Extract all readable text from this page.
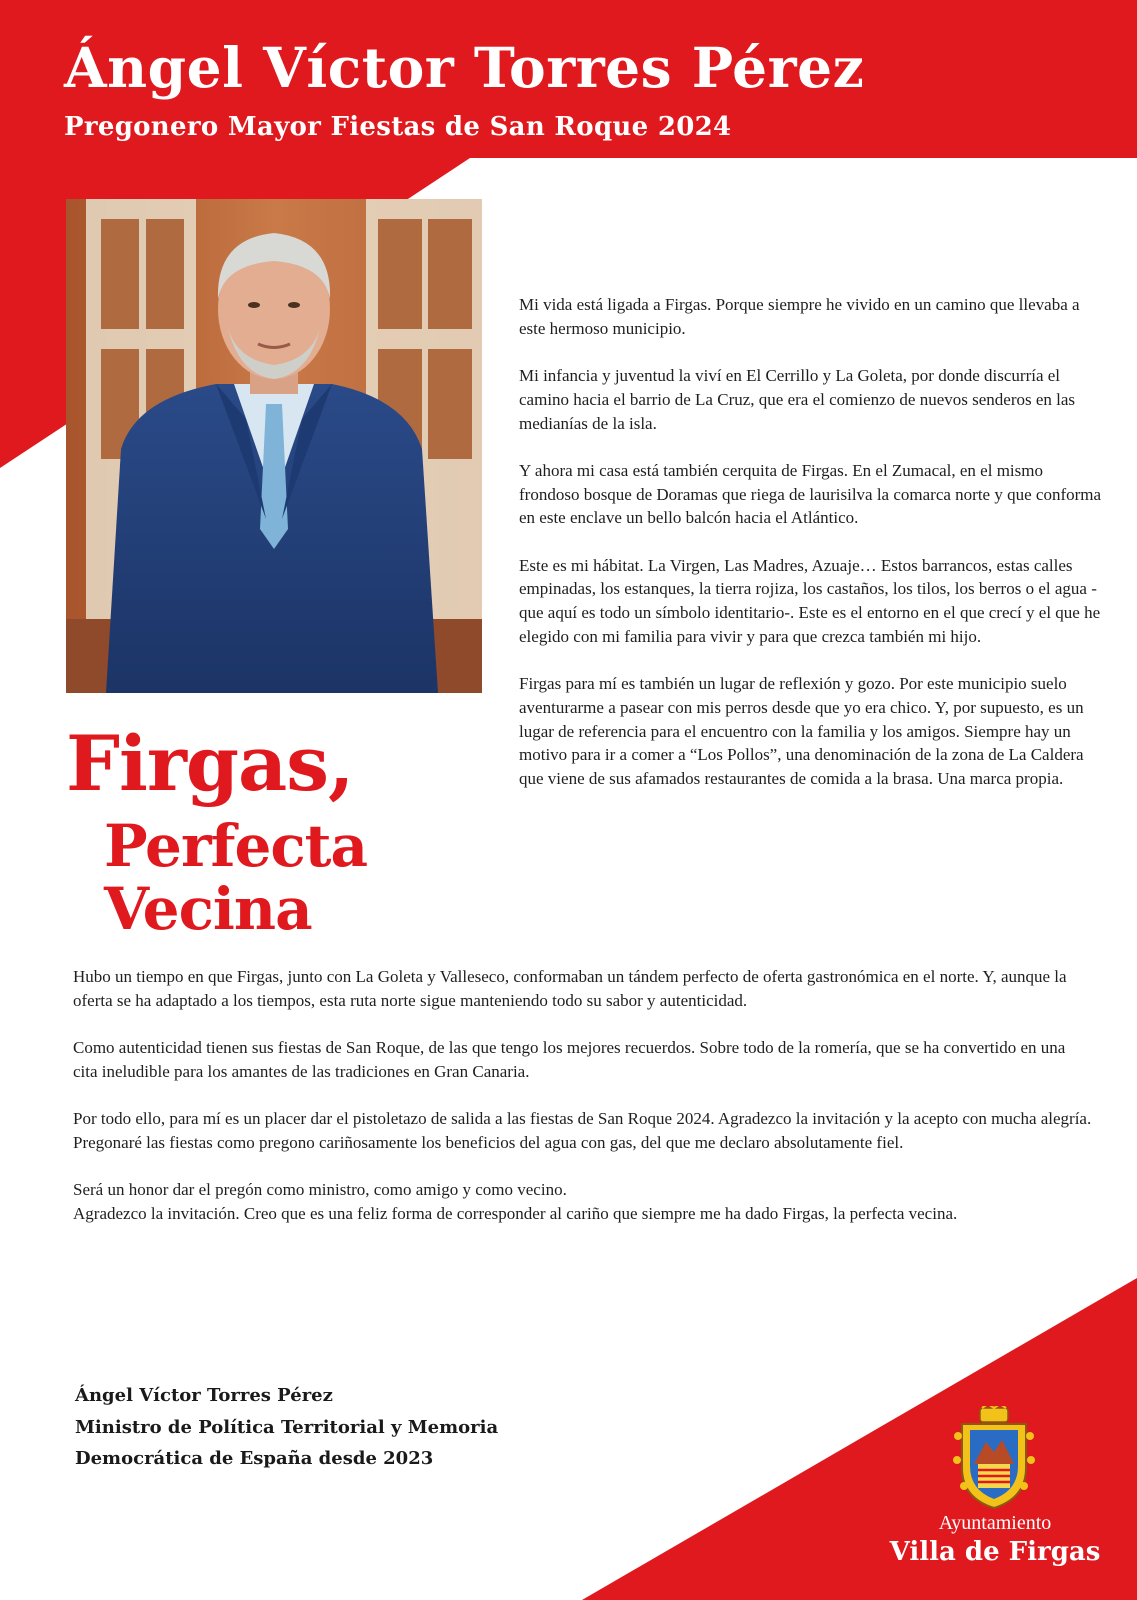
Ángel Víctor Torres Pérez
Pregonero Mayor Fiestas de San Roque 2024

Mi vida está ligada a Firgas. Porque siempre he vivido en un camino que llevaba a este hermoso municipio.

Mi infancia y juventud la viví en El Cerrillo y La Goleta, por donde discurría el camino hacia el barrio de La Cruz, que era el comienzo de nuevos senderos en las medianías de la isla.

Y ahora mi casa está también cerquita de Firgas. En el Zumacal, en el mismo frondoso bosque de Doramas que riega de laurisilva la comarca norte y que conforma en este enclave un bello balcón hacia el Atlántico.

Este es mi hábitat. La Virgen, Las Madres, Azuaje… Estos barrancos, estas calles empinadas, los estanques, la tierra rojiza, los castaños, los tilos, los berros o el agua -que aquí es todo un símbolo identitario-. Este es el entorno en el que crecí y el que he elegido con mi familia para vivir y para que crezca también mi hijo.

Firgas para mí es también un lugar de reflexión y gozo. Por este municipio suelo aventurarme a pasear con mis perros desde que yo era chico. Y, por supuesto, es un lugar de referencia para el encuentro con la familia y los amigos. Siempre hay un motivo para ir a comer a “Los Pollos”, una denominación de la zona de La Caldera que viene de sus afamados restaurantes de comida a la brasa. Una marca propia.

Firgas,
Perfecta
Vecina

Hubo un tiempo en que Firgas, junto con La Goleta y Valleseco, conformaban un tándem perfecto de oferta gastronómica en el norte. Y, aunque la oferta se ha adaptado a los tiempos, esta ruta norte sigue manteniendo todo su sabor y autenticidad.

Como autenticidad tienen sus fiestas de San Roque, de las que tengo los mejores recuerdos. Sobre todo de la romería, que se ha convertido en una cita ineludible para los amantes de las tradiciones en Gran Canaria.

Por todo ello, para mí es un placer dar el pistoletazo de salida a las fiestas de San Roque 2024. Agradezco la invitación y la acepto con mucha alegría. Pregonaré las fiestas como pregono cariñosamente los beneficios del agua con gas, del que me declaro absolutamente fiel.

Será un honor dar el pregón como ministro, como amigo y como vecino.
Agradezco la invitación. Creo que es una feliz forma de corresponder al cariño que siempre me ha dado Firgas, la perfecta vecina.

Ángel Víctor Torres Pérez
Ministro de Política Territorial y Memoria
Democrática de España desde 2023
Ayuntamiento
Villa de Firgas
